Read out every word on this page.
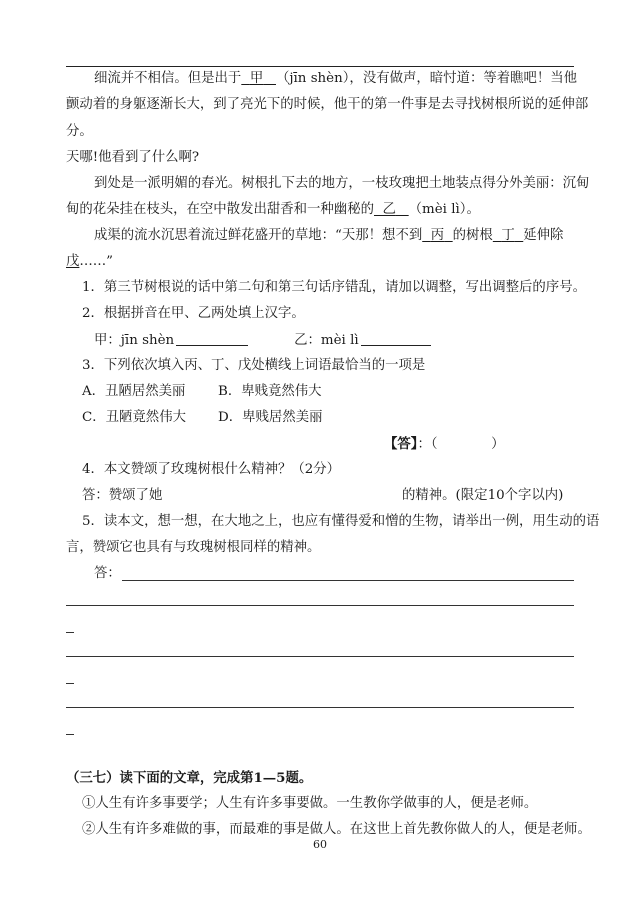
细流并不相信。但是出于 甲 （jīn shèn），没有做声，暗忖道：等着瞧吧！当他
颤动着的身躯逐渐长大，到了亮光下的时候，他干的第一件事是去寻找树根所说的延伸部
分。
天哪!他看到了什么啊?
到处是一派明媚的春光。树根扎下去的地方，一枝玫瑰把土地装点得分外美丽：沉甸
甸的花朵挂在枝头，在空中散发出甜香和一种幽秘的 乙 （mèi lì）。
成渠的流水沉思着流过鲜花盛开的草地：“天那！想不到 丙 的树根 丁 延伸除
戊……”
1．第三节树根说的话中第二句和第三句话序错乱，请加以调整，写出调整后的序号。
2．根据拼音在甲、乙两处填上汉字。
甲：jīn shèn	乙：mèi lì
3．下列依次填入丙、丁、戊处横线上词语最恰当的一项是
A．丑陋居然美丽 B．卑贱竟然伟大
C．丑陋竟然伟大 D．卑贱居然美丽
【答】：（　　　　）
4．本文赞颂了玫瑰树根什么精神？（2分）
答：赞颂了她	的精神。(限定10个字以内)
5．读本文，想一想，在大地之上，也应有懂得爱和憎的生物，请举出一例，用生动的语
言，赞颂它也具有与玫瑰树根同样的精神。
答：
（三七）读下面的文章，完成第1—5题。
①人生有许多事要学；人生有许多事要做。一生教你学做事的人，便是老师。
②人生有许多难做的事，而最难的事是做人。在这世上首先教你做人的人，便是老师。
60
